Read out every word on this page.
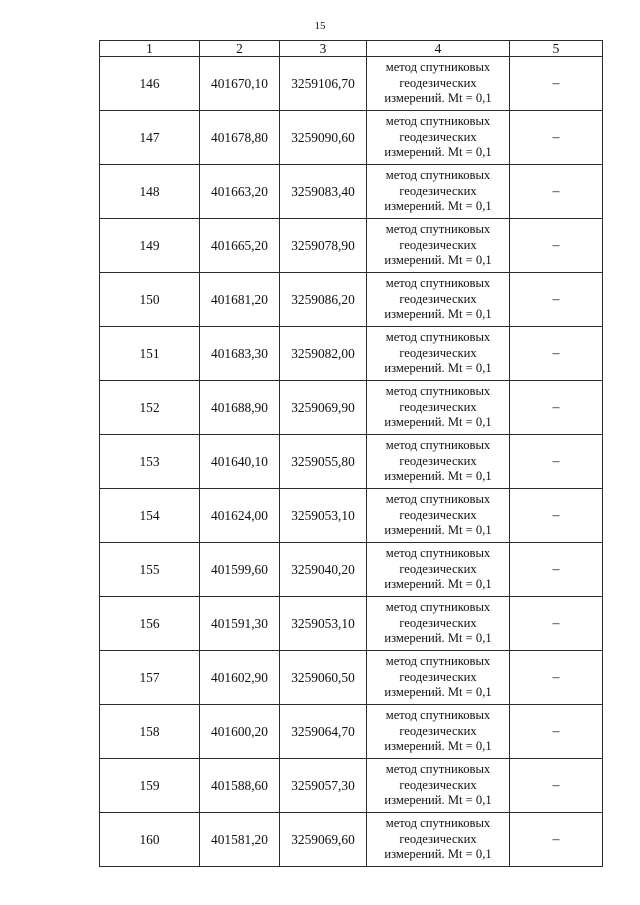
15
1	2	3	4	5
146	401670,10	3259106,70	метод спутниковых
геодезических
измерений. Mt = 0,1	–
147	401678,80	3259090,60	метод спутниковых
геодезических
измерений. Mt = 0,1	–
148	401663,20	3259083,40	метод спутниковых
геодезических
измерений. Mt = 0,1	–
149	401665,20	3259078,90	метод спутниковых
геодезических
измерений. Mt = 0,1	–
150	401681,20	3259086,20	метод спутниковых
геодезических
измерений. Mt = 0,1	–
151	401683,30	3259082,00	метод спутниковых
геодезических
измерений. Mt = 0,1	–
152	401688,90	3259069,90	метод спутниковых
геодезических
измерений. Mt = 0,1	–
153	401640,10	3259055,80	метод спутниковых
геодезических
измерений. Mt = 0,1	–
154	401624,00	3259053,10	метод спутниковых
геодезических
измерений. Mt = 0,1	–
155	401599,60	3259040,20	метод спутниковых
геодезических
измерений. Mt = 0,1	–
156	401591,30	3259053,10	метод спутниковых
геодезических
измерений. Mt = 0,1	–
157	401602,90	3259060,50	метод спутниковых
геодезических
измерений. Mt = 0,1	–
158	401600,20	3259064,70	метод спутниковых
геодезических
измерений. Mt = 0,1	–
159	401588,60	3259057,30	метод спутниковых
геодезических
измерений. Mt = 0,1	–
160	401581,20	3259069,60	метод спутниковых
геодезических
измерений. Mt = 0,1	–
